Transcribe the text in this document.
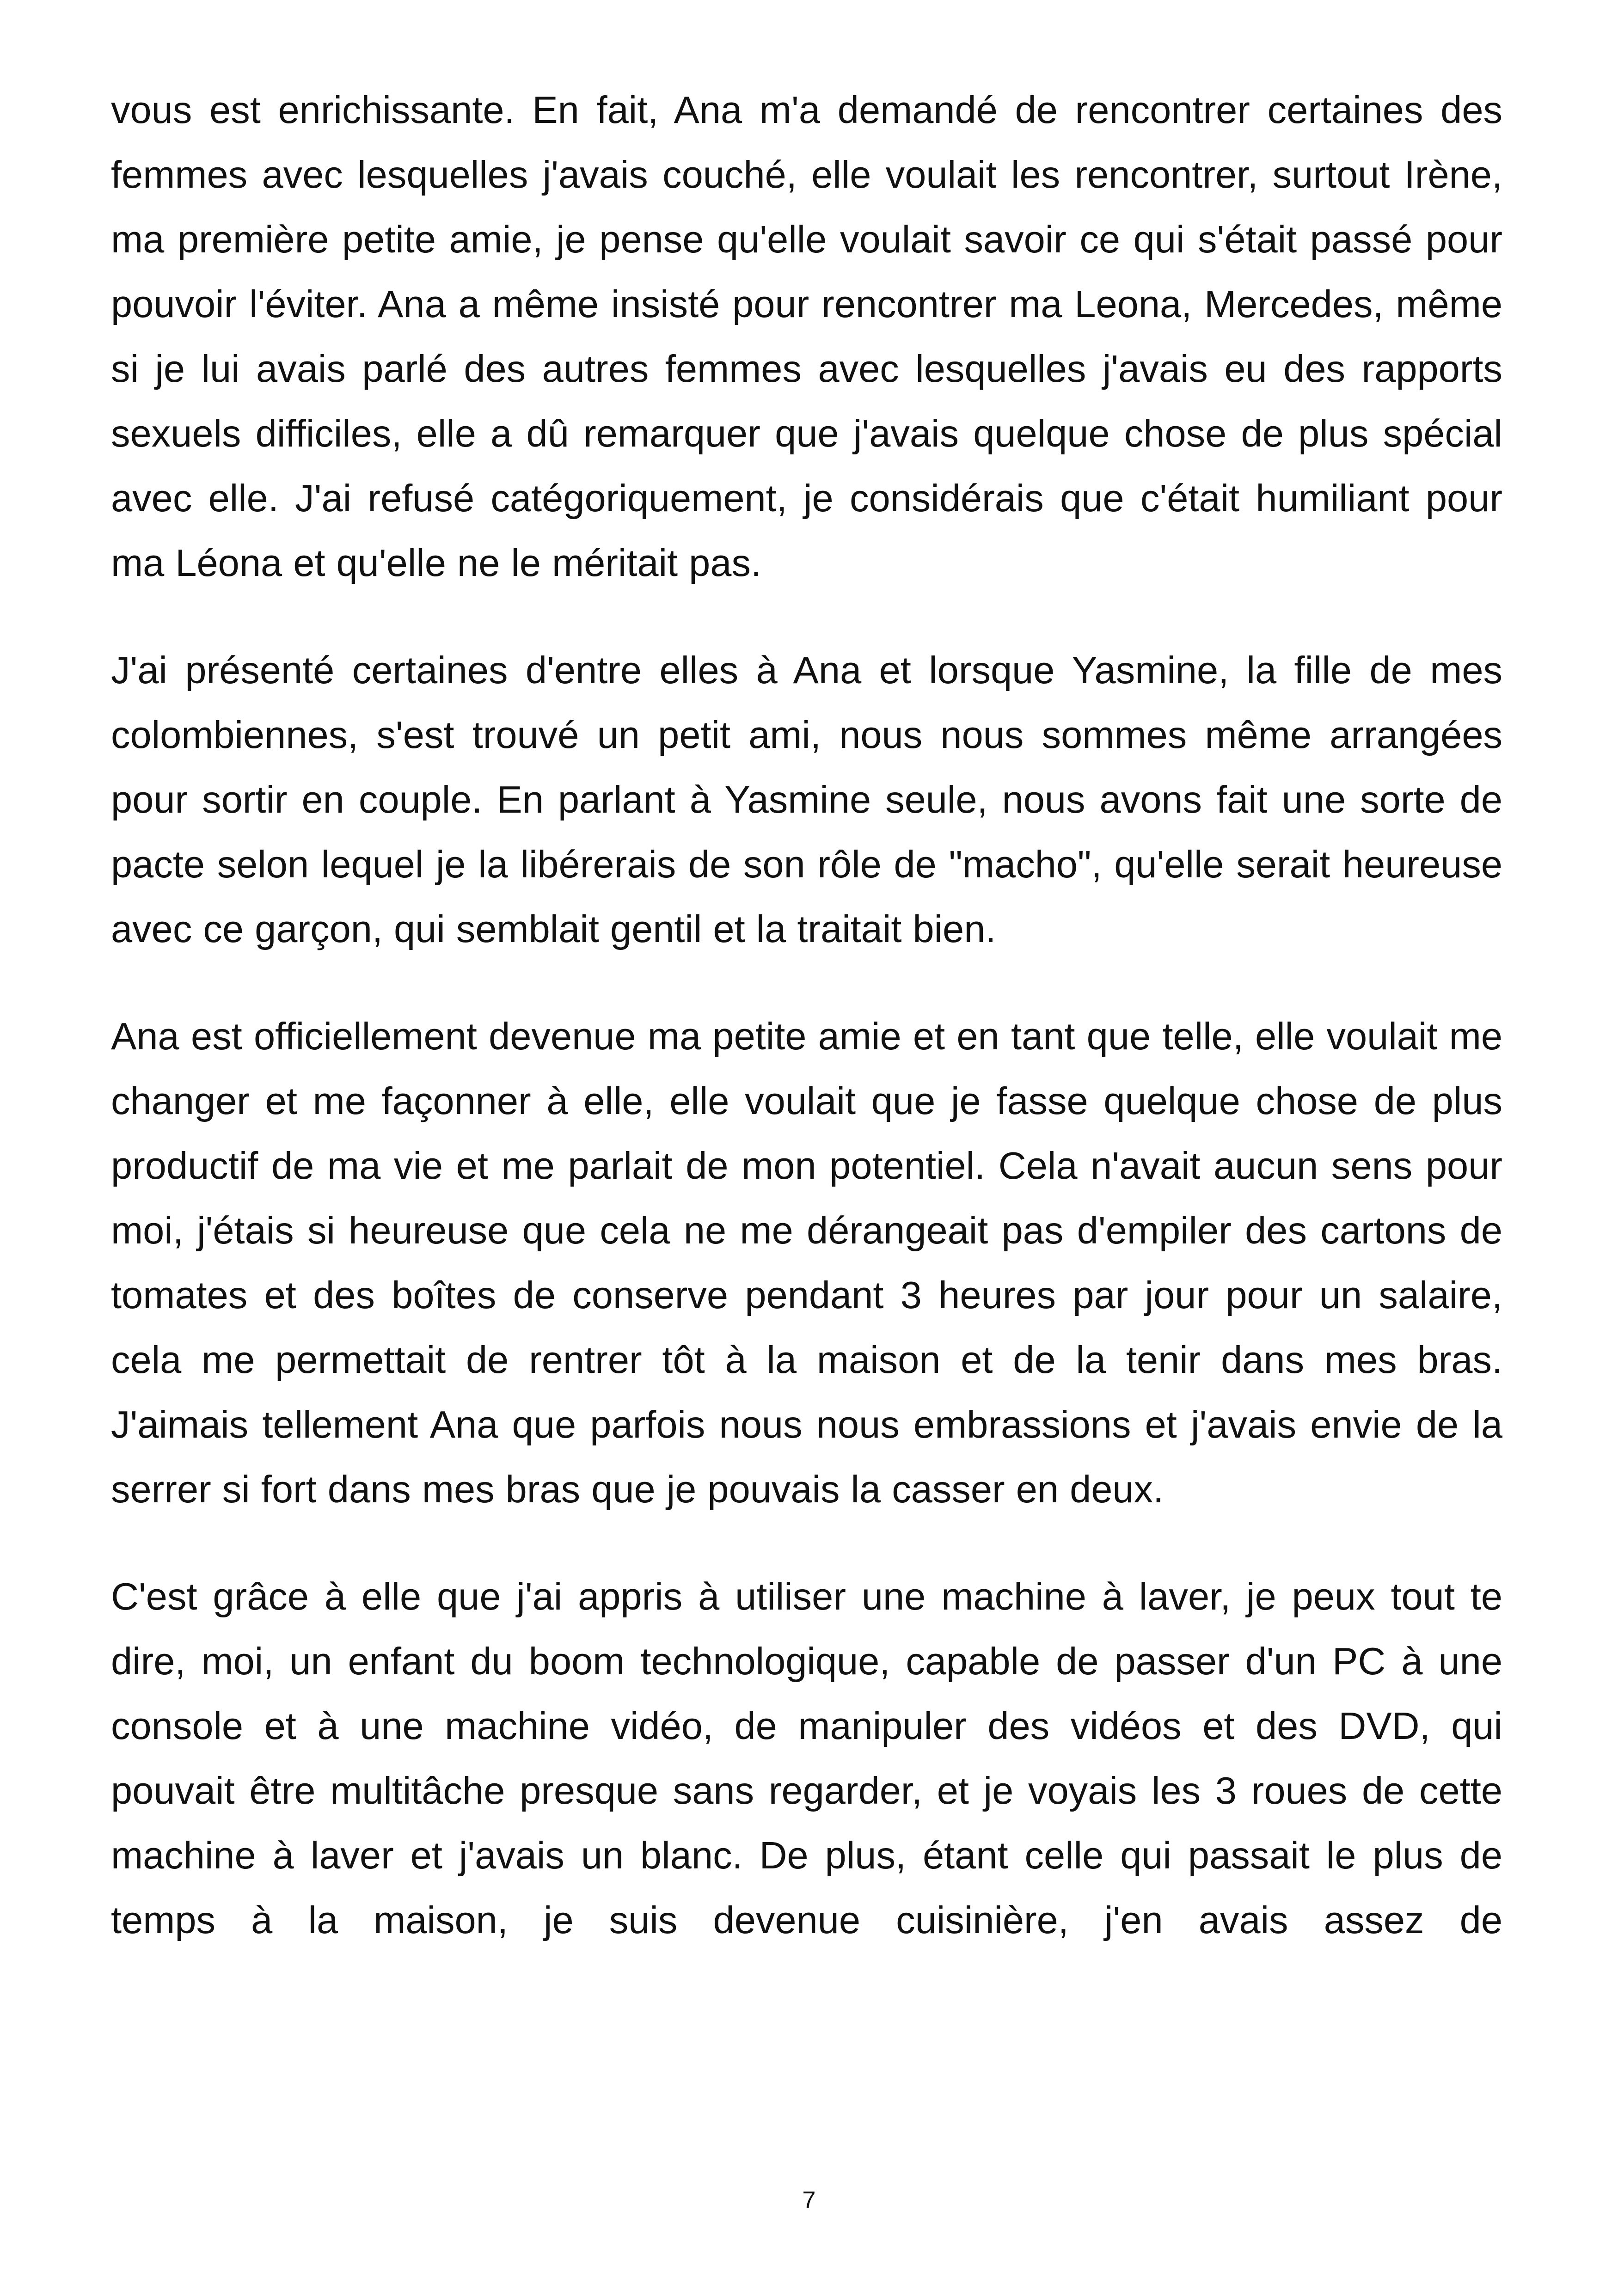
vous est enrichissante. En fait, Ana m'a demandé de rencontrer certaines des femmes avec lesquelles j'avais couché, elle voulait les rencontrer, surtout Irène, ma première petite amie, je pense qu'elle voulait savoir ce qui s'était passé pour pouvoir l'éviter. Ana a même insisté pour rencontrer ma Leona, Mercedes, même si je lui avais parlé des autres femmes avec lesquelles j'avais eu des rapports sexuels difficiles, elle a dû remarquer que j'avais quelque chose de plus spécial avec elle. J'ai refusé catégoriquement, je considérais que c'était humiliant pour ma Léona et qu'elle ne le méritait pas.

J'ai présenté certaines d'entre elles à Ana et lorsque Yasmine, la fille de mes colombiennes, s'est trouvé un petit ami, nous nous sommes même arrangées pour sortir en couple. En parlant à Yasmine seule, nous avons fait une sorte de pacte selon lequel je la libérerais de son rôle de "macho", qu'elle serait heureuse avec ce garçon, qui semblait gentil et la traitait bien.

Ana est officiellement devenue ma petite amie et en tant que telle, elle voulait me changer et me façonner à elle, elle voulait que je fasse quelque chose de plus productif de ma vie et me parlait de mon potentiel. Cela n'avait aucun sens pour moi, j'étais si heureuse que cela ne me dérangeait pas d'empiler des cartons de tomates et des boîtes de conserve pendant 3 heures par jour pour un salaire, cela me permettait de rentrer tôt à la maison et de la tenir dans mes bras. J'aimais tellement Ana que parfois nous nous embrassions et j'avais envie de la serrer si fort dans mes bras que je pouvais la casser en deux.

C'est grâce à elle que j'ai appris à utiliser une machine à laver, je peux tout te dire, moi, un enfant du boom technologique, capable de passer d'un PC à une console et à une machine vidéo, de manipuler des vidéos et des DVD, qui pouvait être multitâche presque sans regarder, et je voyais les 3 roues de cette machine à laver et j'avais un blanc. De plus, étant celle qui passait le plus de temps à la maison, je suis devenue cuisinière, j'en avais assez de

7
